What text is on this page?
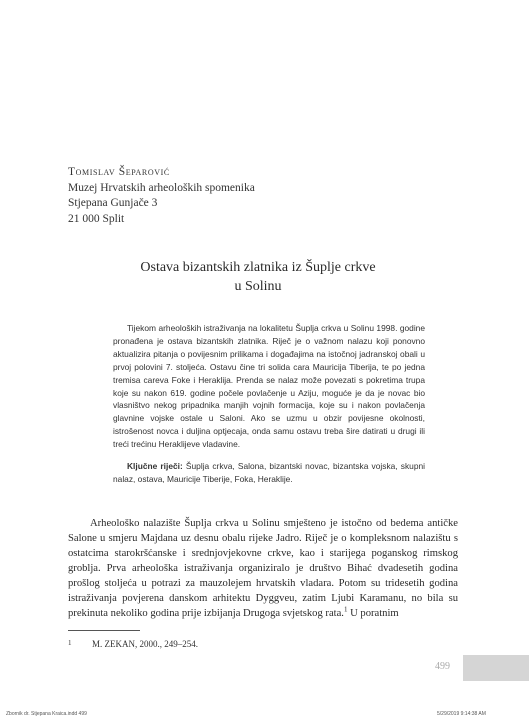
Tomislav Šeparović
Muzej Hrvatskih arheoloških spomenika
Stjepana Gunjače 3
21 000 Split
Ostava bizantskih zlatnika iz Šuplje crkve
u Solinu
Tijekom arheoloških istraživanja na lokalitetu Šuplja crkva u Solinu 1998. godine pronađena je ostava bizantskih zlatnika. Riječ je o važnom nalazu koji ponovno aktualizira pitanja o povijesnim prilikama i događajima na istočnoj jadranskoj obali u prvoj polovini 7. stoljeća. Ostavu čine tri solida cara Mauricija Tiberija, te po jedna tremisa careva Foke i Heraklija. Prenda se nalaz može povezati s pokretima trupa koje su nakon 619. godine počele povlačenje u Aziju, moguće je da je novac bio vlasništvo nekog pripadnika manjih vojnih formacija, koje su i nakon povlačenja glavnine vojske ostale u Saloni. Ako se uzmu u obzir povijesne okolnosti, istrošenost novca i duljina optjecaja, onda samu ostavu treba šire datirati u drugi ili treći trećinu Heraklijeve vladavine.
Ključne riječi: Šuplja crkva, Salona, bizantski novac, bizantska vojska, skupni nalaz, ostava, Mauricije Tiberije, Foka, Heraklije.
Arheološko nalazište Šuplja crkva u Solinu smješteno je istočno od bedema antičke Salone u smjeru Majdana uz desnu obalu rijeke Jadro. Riječ je o kompleksnom nalazištu s ostatcima starokršćanske i srednjovjekovne crkve, kao i starijega poganskog rimskog groblja. Prva arheološka istraživanja organiziralo je društvo Bihać dvadesetih godina prošlog stoljeća u potrazi za mauzolejem hrvatskih vladara. Potom su tridesetih godina istraživanja povjerena danskom arhitektu Dyggveu, zatim Ljubi Karamanu, no bila su prekinuta nekoliko godina prije izbijanja Drugoga svjetskog rata.$^1$ U poratnim
1 M. ZEKAN, 2000., 249–254.
499
Zbornik dr. Stjepana Kraica.indd 499	5/29/2019 9:14:38 AM
